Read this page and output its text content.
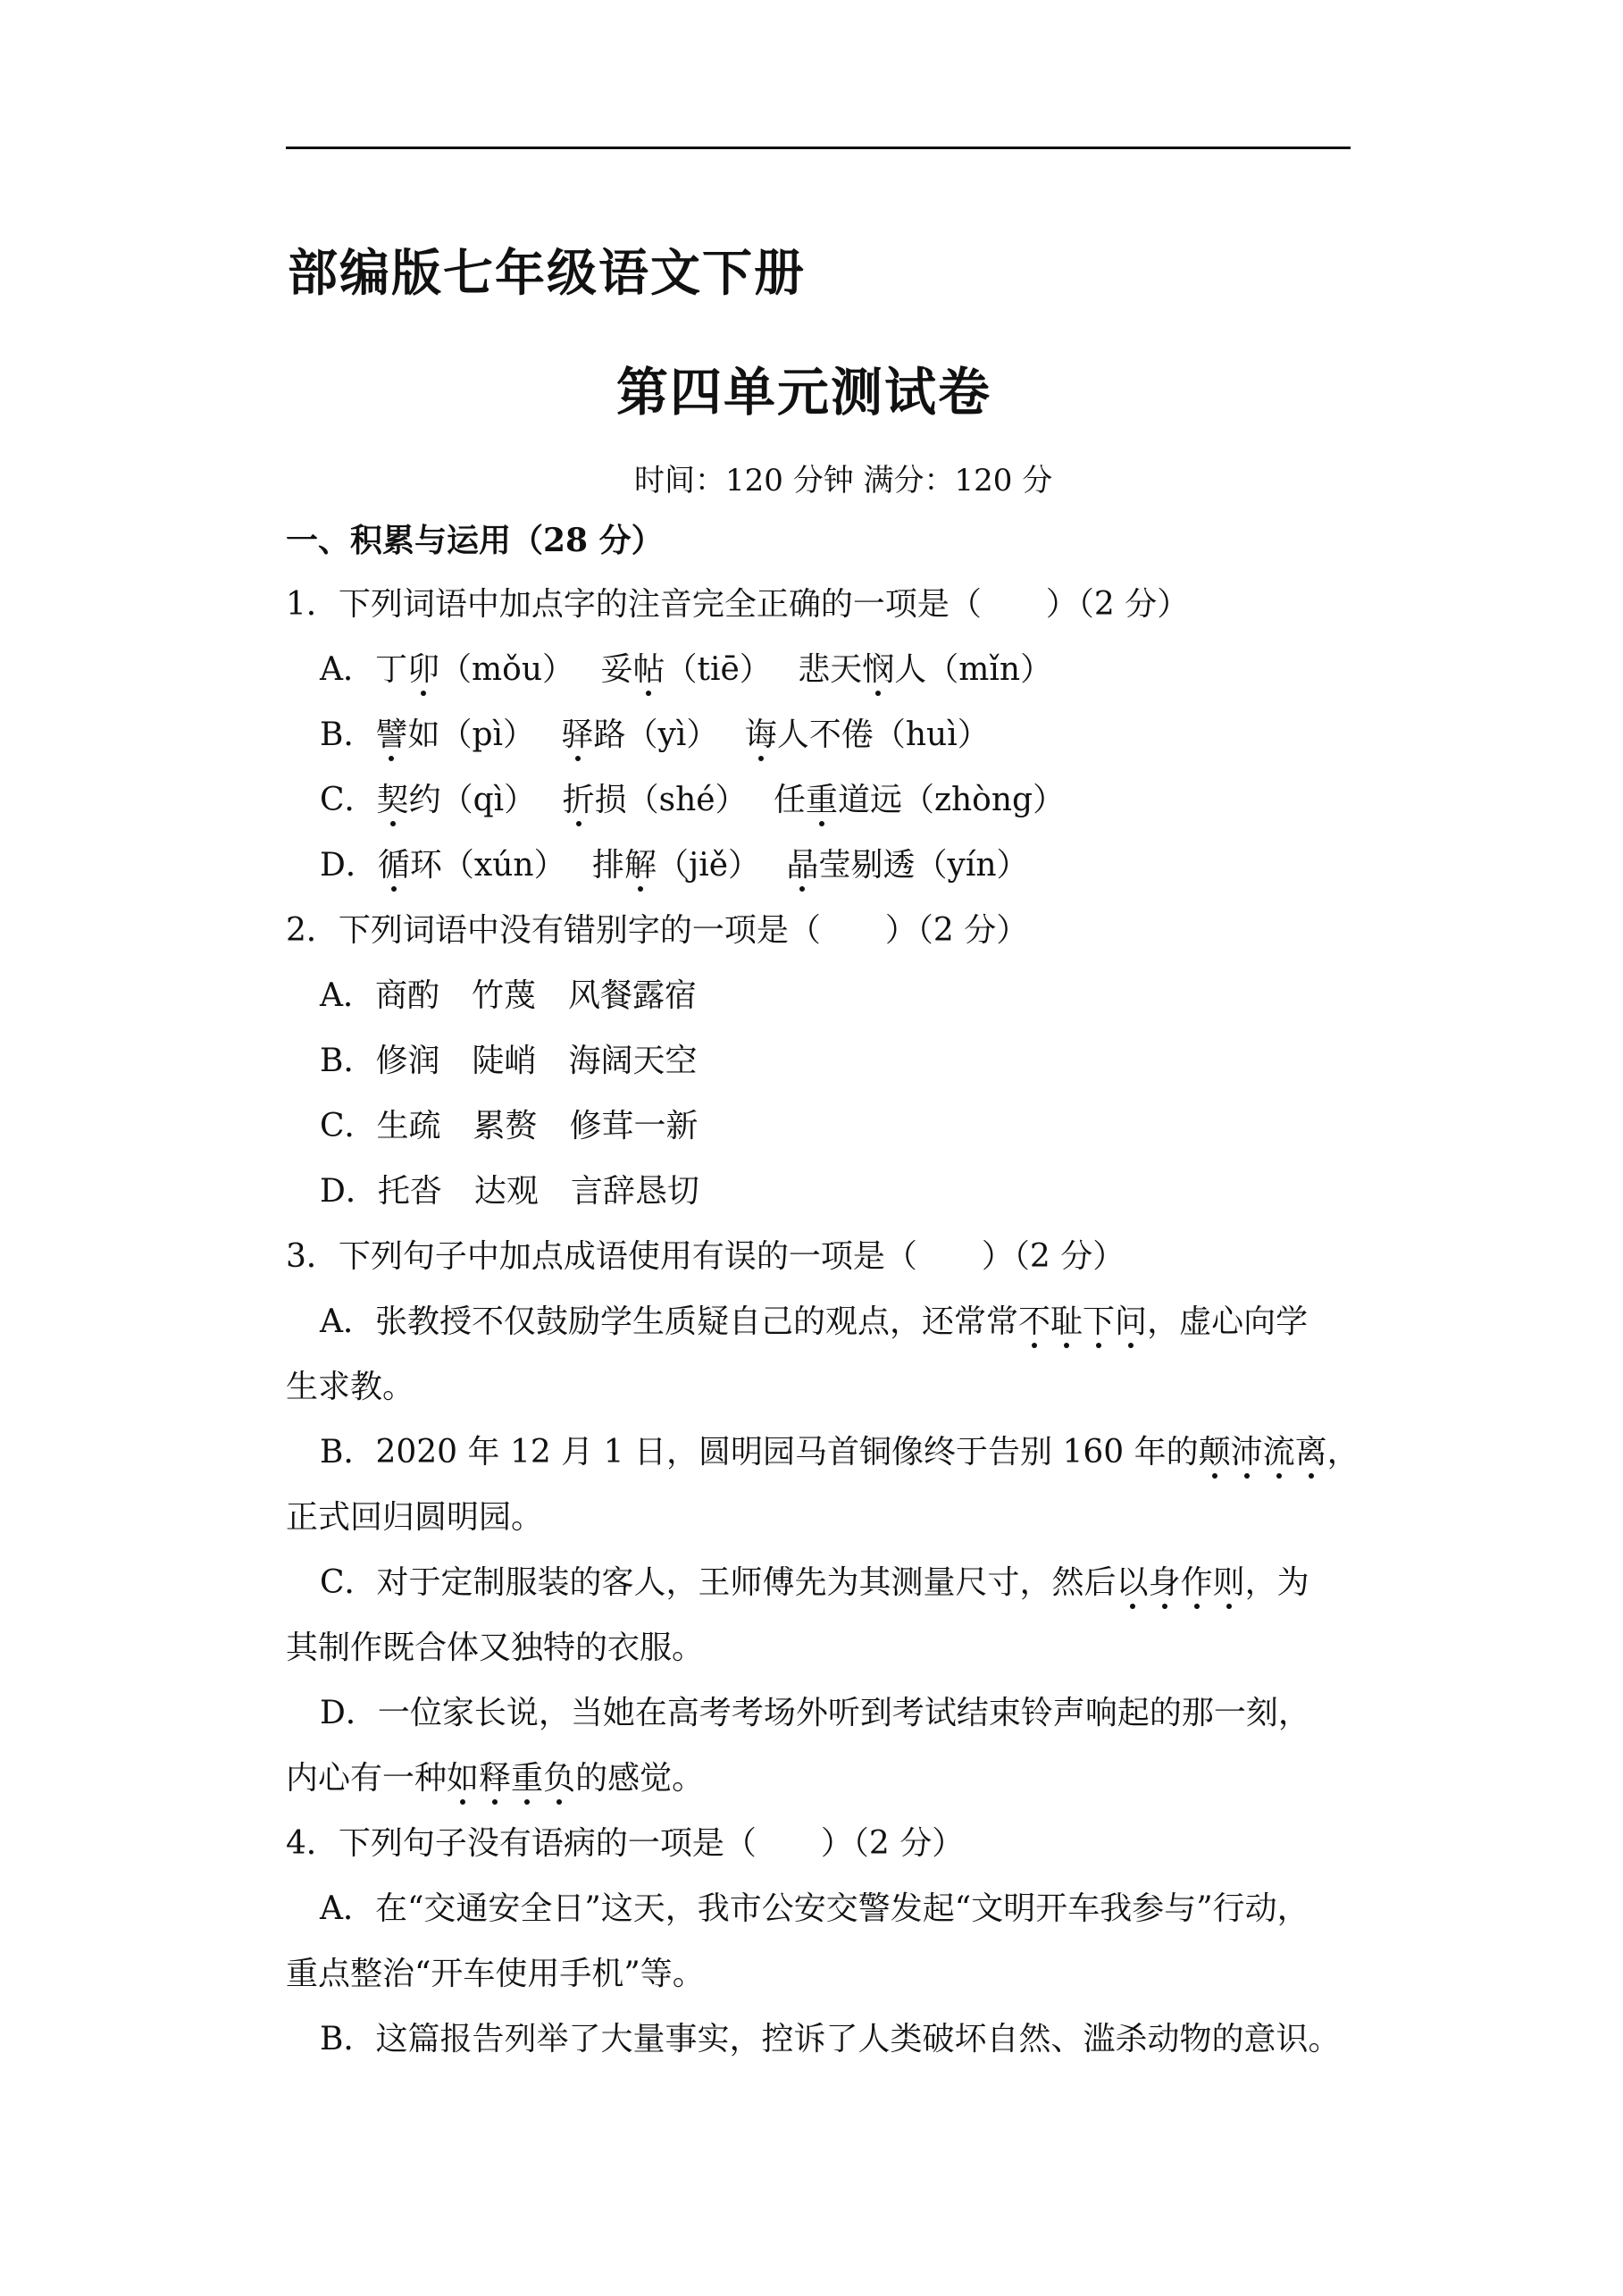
部编版七年级语文下册
第四单元测试卷
时间：120 分钟 满分：120 分
一、积累与运用（28 分）
1．下列词语中加点字的注音完全正确的一项是（　　）（2 分）
A．丁卯（mǒu）　 妥帖（tiē）　 悲天悯人（mǐn）
B．譬如（pì）　 驿路（yì）　 诲人不倦（huì）
C．契约（qì）　 折损（shé）　 任重道远（zhòng）
D．循环（xún）　 排解（jiě）　 晶莹剔透（yín）
2．下列词语中没有错别字的一项是（　　）（2 分）
A．商酌　竹蔑　风餐露宿
B．修润　陡峭　海阔天空
C．生疏　累赘　修茸一新
D．托沓　达观　言辞恳切
3．下列句子中加点成语使用有误的一项是（　　）（2 分）
A．张教授不仅鼓励学生质疑自己的观点，还常常不耻下问，虚心向学
生求教。
B．2020 年 12 月 1 日，圆明园马首铜像终于告别 160 年的颠沛流离，
正式回归圆明园。
C．对于定制服装的客人，王师傅先为其测量尺寸，然后以身作则，为
其制作既合体又独特的衣服。
D．一位家长说，当她在高考考场外听到考试结束铃声响起的那一刻，
内心有一种如释重负的感觉。
4．下列句子没有语病的一项是（　　）（2 分）
A．在“交通安全日”这天，我市公安交警发起“文明开车我参与”行动，
重点整治“开车使用手机”等。
B．这篇报告列举了大量事实，控诉了人类破坏自然、滥杀动物的意识。
